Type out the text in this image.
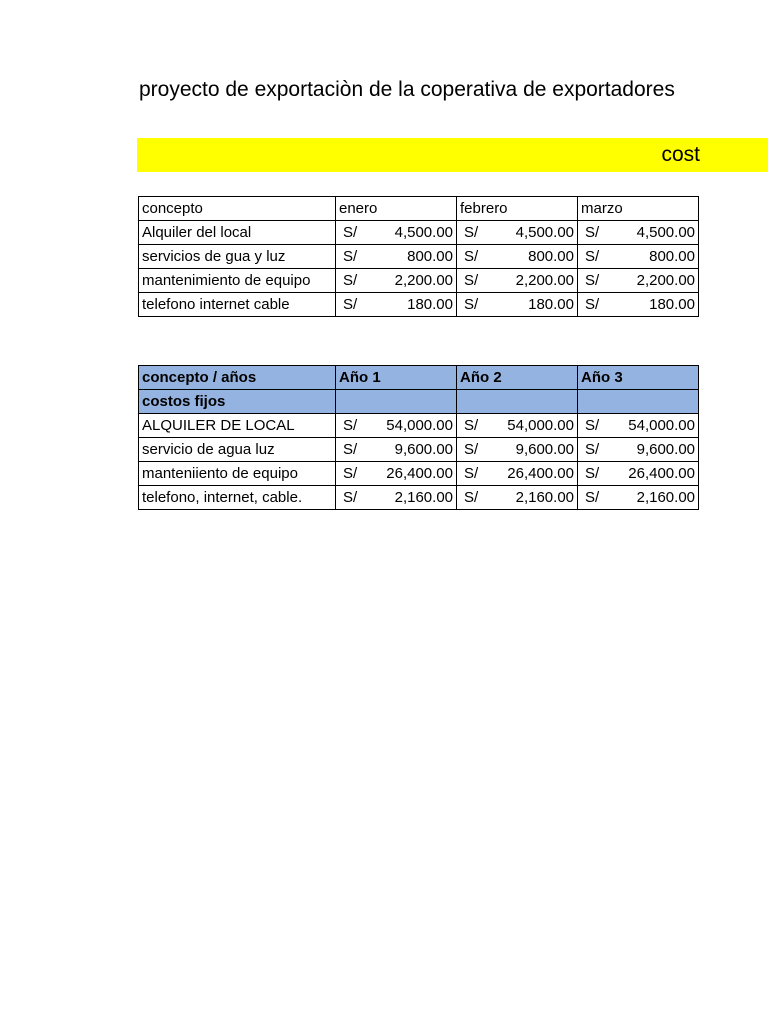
proyecto de exportaciòn de la coperativa de exportadores
cost
concepto	enero	febrero	marzo
Alquiler del local	S/ 4,500.00	S/ 4,500.00	S/ 4,500.00

servicios de gua y luz	S/ 800.00	S/ 800.00	S/ 800.00

mantenimiento de equipo	S/ 2,200.00	S/ 2,200.00	S/ 2,200.00

telefono internet cable	S/ 180.00	S/ 180.00	S/ 180.00
concepto / años	Año 1	Año 2	Año 3
costos fijos			
ALQUILER DE LOCAL	S/ 54,000.00	S/ 54,000.00	S/ 54,000.00

servicio de agua luz	S/ 9,600.00	S/ 9,600.00	S/ 9,600.00

manteniiento de equipo	S/ 26,400.00	S/ 26,400.00	S/ 26,400.00

telefono, internet, cable.	S/ 2,160.00	S/ 2,160.00	S/ 2,160.00
